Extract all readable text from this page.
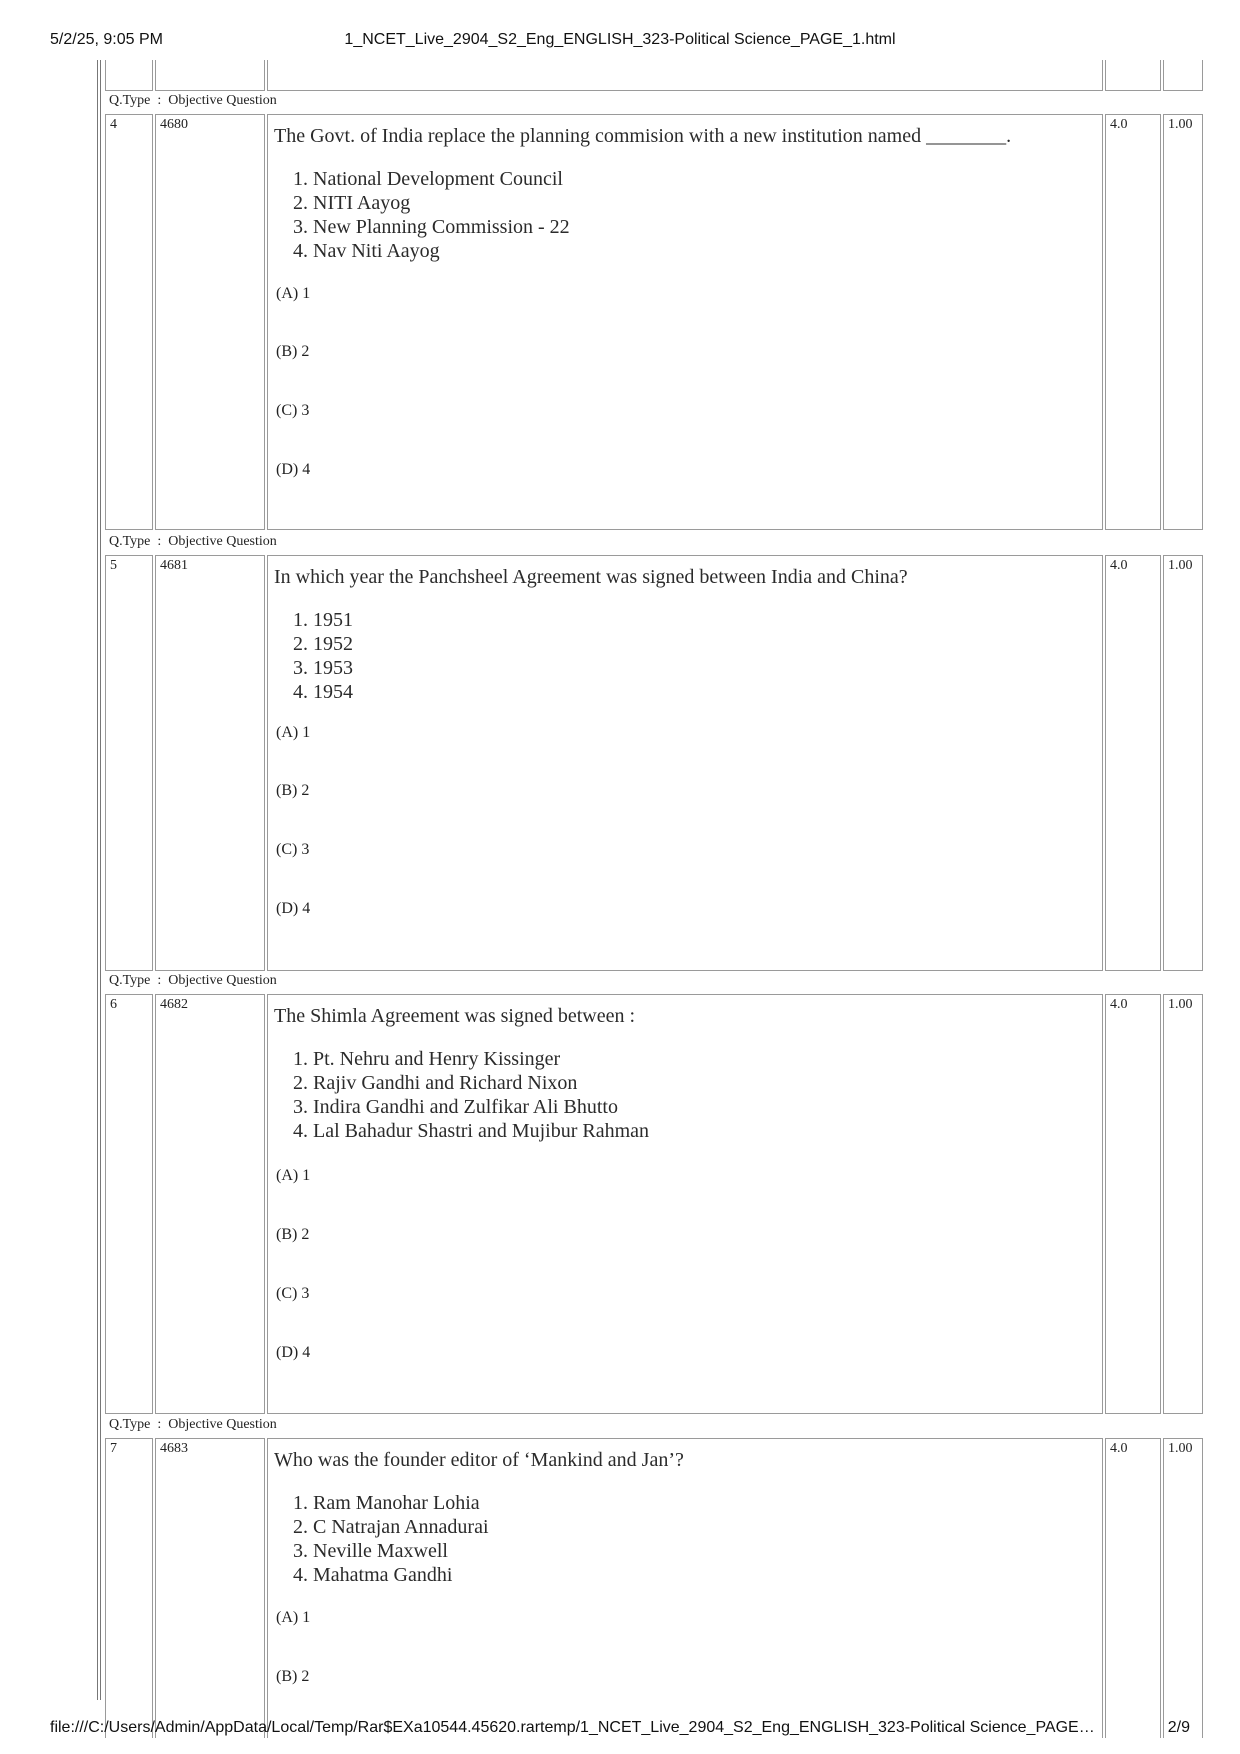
5/2/25, 9:05 PM	1_NCET_Live_2904_S2_Eng_ENGLISH_323-Political Science_PAGE_1.html
Q.Type  :  Objective Question
4	4680
The Govt. of India replace the planning commision with a new institution named ________.
1. National Development Council
2. NITI Aayog
3. New Planning Commission - 22
4. Nav Niti Aayog
(A) 1
(B) 2
(C) 3
(D) 4
4.0	1.00
Q.Type  :  Objective Question
5	4681
In which year the Panchsheel Agreement was signed between India and China?
1. 1951
2. 1952
3. 1953
4. 1954
(A) 1
(B) 2
(C) 3
(D) 4
4.0	1.00
Q.Type  :  Objective Question
6	4682
The Shimla Agreement was signed between :
1. Pt. Nehru and Henry Kissinger
2. Rajiv Gandhi and Richard Nixon
3. Indira Gandhi and Zulfikar Ali Bhutto
4. Lal Bahadur Shastri and Mujibur Rahman
(A) 1
(B) 2
(C) 3
(D) 4
4.0	1.00
Q.Type  :  Objective Question
7	4683
Who was the founder editor of ‘Mankind and Jan’?
1. Ram Manohar Lohia
2. C Natrajan Annadurai
3. Neville Maxwell
4. Mahatma Gandhi
(A) 1
(B) 2
4.0	1.00
file:///C:/Users/Admin/AppData/Local/Temp/Rar$EXa10544.45620.rartemp/1_NCET_Live_2904_S2_Eng_ENGLISH_323-Political Science_PAGE…	2/9
